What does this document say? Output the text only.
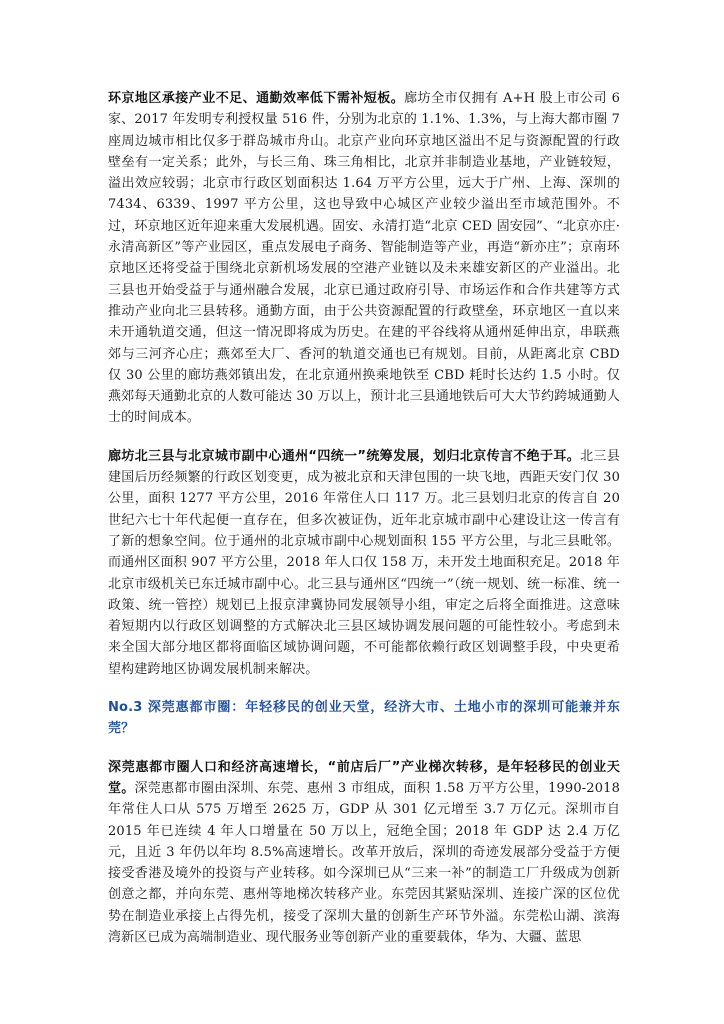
环京地区承接产业不足、通勤效率低下需补短板。廊坊全市仅拥有 A+H 股上市公司 6 家、2017 年发明专利授权量 516 件，分别为北京的 1.1%、1.3%，与上海大都市圈 7 座周边城市相比仅多于群岛城市舟山。北京产业向环京地区溢出不足与资源配置的行政壁垒有一定关系；此外，与长三角、珠三角相比，北京并非制造业基地，产业链较短，溢出效应较弱；北京市行政区划面积达 1.64 万平方公里，远大于广州、上海、深圳的 7434、6339、1997 平方公里，这也导致中心城区产业较少溢出至市域范围外。不过，环京地区近年迎来重大发展机遇。固安、永清打造“北京 CED 固安园”、“北京亦庄·永清高新区”等产业园区，重点发展电子商务、智能制造等产业，再造“新亦庄”；京南环京地区还将受益于围绕北京新机场发展的空港产业链以及未来雄安新区的产业溢出。北三县也开始受益于与通州融合发展，北京已通过政府引导、市场运作和合作共建等方式推动产业向北三县转移。通勤方面，由于公共资源配置的行政壁垒，环京地区一直以来未开通轨道交通，但这一情况即将成为历史。在建的平谷线将从通州延伸出京，串联燕郊与三河齐心庄；燕郊至大厂、香河的轨道交通也已有规划。目前，从距离北京 CBD 仅 30 公里的廊坊燕郊镇出发，在北京通州换乘地铁至 CBD 耗时长达约 1.5 小时。仅燕郊每天通勤北京的人数可能达 30 万以上，预计北三县通地铁后可大大节约跨城通勤人士的时间成本。

廊坊北三县与北京城市副中心通州“四统一”统筹发展，划归北京传言不绝于耳。北三县建国后历经频繁的行政区划变更，成为被北京和天津包围的一块飞地，西距天安门仅 30 公里，面积 1277 平方公里，2016 年常住人口 117 万。北三县划归北京的传言自 20 世纪六七十年代起便一直存在，但多次被证伪，近年北京城市副中心建设让这一传言有了新的想象空间。位于通州的北京城市副中心规划面积 155 平方公里，与北三县毗邻。而通州区面积 907 平方公里，2018 年人口仅 158 万，未开发土地面积充足。2018 年北京市级机关已东迁城市副中心。北三县与通州区“四统一”（统一规划、统一标准、统一政策、统一管控）规划已上报京津冀协同发展领导小组，审定之后将全面推进。这意味着短期内以行政区划调整的方式解决北三县区域协调发展问题的可能性较小。考虑到未来全国大部分地区都将面临区域协调问题，不可能都依赖行政区划调整手段，中央更希望构建跨地区协调发展机制来解决。

No.3 深莞惠都市圈：年轻移民的创业天堂，经济大市、土地小市的深圳可能兼并东莞？

深莞惠都市圈人口和经济高速增长，“前店后厂”产业梯次转移，是年轻移民的创业天堂。深莞惠都市圈由深圳、东莞、惠州 3 市组成，面积 1.58 万平方公里，1990-2018 年常住人口从 575 万增至 2625 万，GDP 从 301 亿元增至 3.7 万亿元。深圳市自 2015 年已连续 4 年人口增量在 50 万以上，冠绝全国；2018 年 GDP 达 2.4 万亿元，且近 3 年仍以年均 8.5%高速增长。改革开放后，深圳的奇迹发展部分受益于方便接受香港及境外的投资与产业转移。如今深圳已从“三来一补”的制造工厂升级成为创新创意之都，并向东莞、惠州等地梯次转移产业。东莞因其紧贴深圳、连接广深的区位优势在制造业承接上占得先机，接受了深圳大量的创新生产环节外溢。东莞松山湖、滨海湾新区已成为高端制造业、现代服务业等创新产业的重要载体，华为、大疆、蓝思
